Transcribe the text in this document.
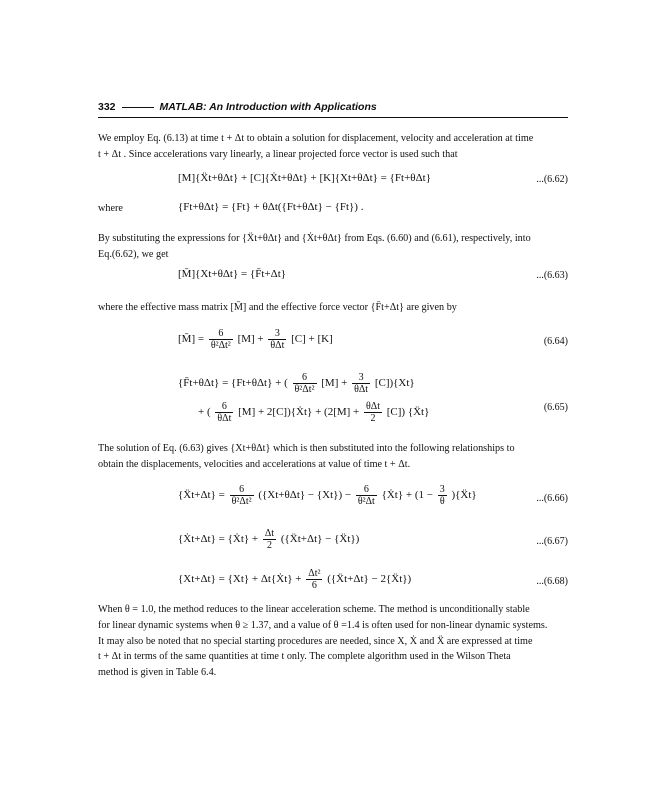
332	MATLAB: An Introduction with Applications
We employ Eq. (6.13) at time t + Δt to obtain a solution for displacement, velocity and acceleration at time
t + Δt . Since accelerations vary linearly, a linear projected force vector is used such that
[M]{Ẍt+θΔt} + [C]{Ẋt+θΔt} + [K]{Xt+θΔt} = {Ft+θΔt}	...(6.62)
where	{Ft+θΔt} = {Ft} + θΔt({Ft+θΔt} − {Ft}) .
By substituting the expressions for {Ẍt+θΔt} and {Ẋt+θΔt} from Eqs. (6.60) and (6.61), respectively, into
Eq.(6.62), we get
[M̄]{Xt+θΔt} = {F̄t+Δt}	...(6.63)
where the effective mass matrix [M̄] and the effective force vector {F̄t+Δt} are given by
[M̄] = $\frac{6}{\text{θ²Δt²}} [M] + \frac{3}{\text{θΔt}} [C] + [K]$	(6.64)
{F̄t+θΔt} = {Ft+θΔt} + ( $\frac{6}{\text{θ²Δt²}} [M] + \frac{3}{\text{θΔt}} [C])\{Xt\}$
+ ( $\frac{6}{\text{θΔt}} [M]$ + 2[C]){Ẋt} + $(2[M] + \frac{\text{θΔt}}{2} [C])$ {Ẍt}	(6.65)
The solution of Eq. (6.63) gives {Xt+θΔt} which is then substituted into the following relationships to
obtain the displacements, velocities and accelerations at value of time t + Δt.
{Ẍt+Δt} = $\frac{6}{\text{θ²Δt²}} (\{Xt+\theta\Delta t\} - \{Xt\}) - \frac{6}{\text{θ²Δt}}$ {Ẋt} + ($1 - \frac{3}{\theta}$ ){Ẍt}	...(6.66)
{Ẋt+Δt} = {Ẋt} + $\frac{\Delta t}{2}$ ({Ẍt+Δt} − {Ẍt})	...(6.67)
{Xt+Δt} = {Xt} + Δt{Ẋt} + $\frac{\text{Δt²}}{6}$ ({Ẍt+Δt} − 2{Ẍt})	...(6.68)
When θ = 1.0, the method reduces to the linear acceleration scheme. The method is unconditionally stable
for linear dynamic systems when θ ≥ 1.37, and a value of θ =1.4 is often used for non-linear dynamic systems.
It may also be noted that no special starting procedures are needed, since X, Ẋ and Ẍ are expressed at time
t + Δt in terms of the same quantities at time t only. The complete algorithm used in the Wilson Theta
method is given in Table 6.4.
